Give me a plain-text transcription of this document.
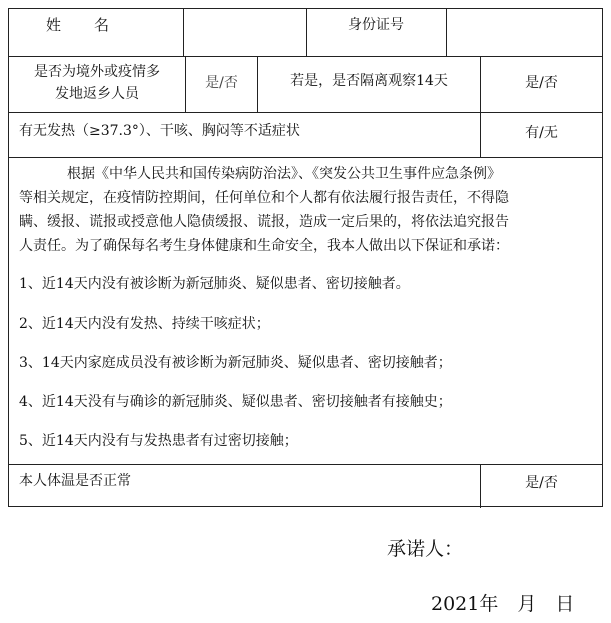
姓　　名	身份证号
是否为境外或疫情多
发地返乡人员
是/否	若是，是否隔离观察14天	是/否
有无发热（≥37.3°）、干咳、胸闷等不适症状	有/无
根据《中华人民共和国传染病防治法》、《突发公共卫生事件应急条例》
等相关规定，在疫情防控期间，任何单位和个人都有依法履行报告责任，不得隐
瞒、缓报、谎报或授意他人隐债缓报、谎报，造成一定后果的，将依法追究报告
人责任。为了确保每名考生身体健康和生命安全，我本人做出以下保证和承诺：
1、近14天内没有被诊断为新冠肺炎、疑似患者、密切接触者。
2、近14天内没有发热、持续干咳症状；
3、14天内家庭成员没有被诊断为新冠肺炎、疑似患者、密切接触者；
4、近14天没有与确诊的新冠肺炎、疑似患者、密切接触者有接触史；
5、近14天内没有与发热患者有过密切接触；
本人体温是否正常	是/否
承诺人：
2021年　月　日
